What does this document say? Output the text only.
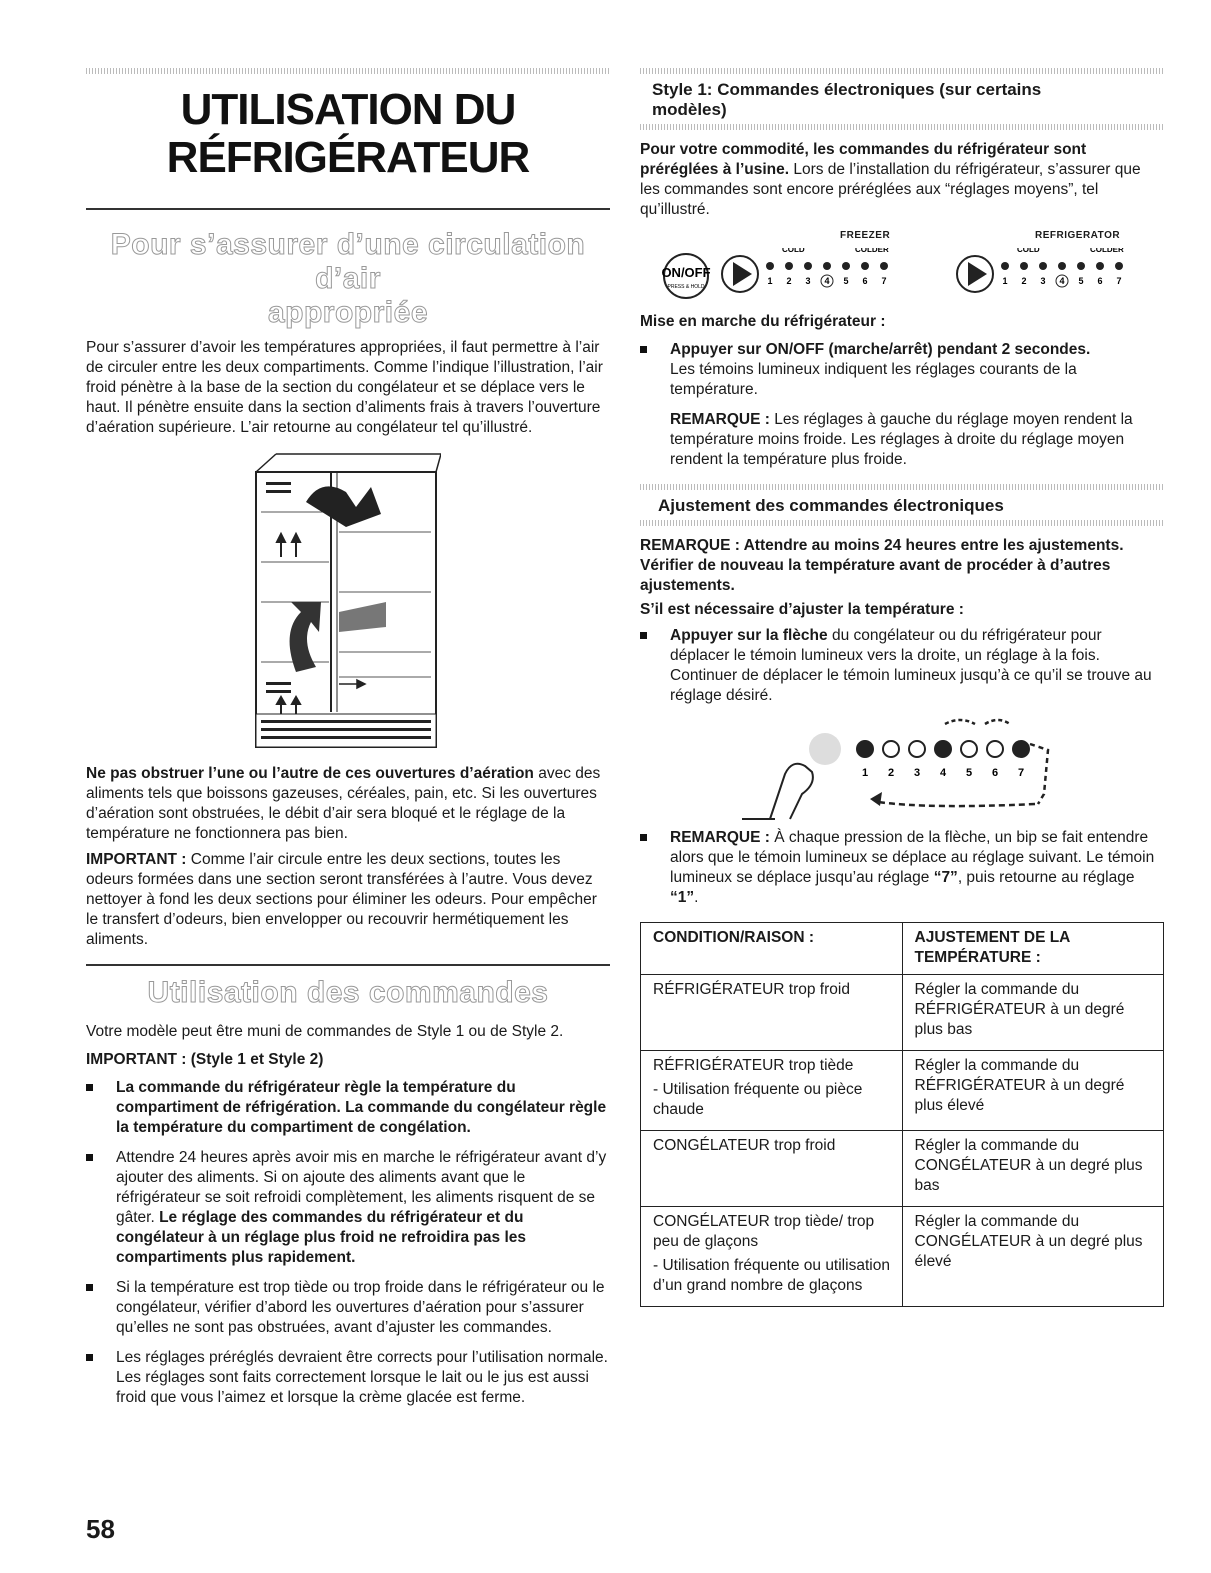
UTILISATION DU
RÉFRIGÉRATEUR
Pour s’assurer d’une circulation d’air
appropriée

Pour s’assurer d’avoir les températures appropriées, il faut permettre à l’air de circuler entre les deux compartiments. Comme l’indique l’illustration, l’air froid pénètre à la base de la section du congélateur et se déplace vers le haut. Il pénètre ensuite dans la section d’aliments frais à travers l’ouverture d’aération supérieure. L’air retourne au congélateur tel qu’illustré.

Ne pas obstruer l’une ou l’autre de ces ouvertures d’aération avec des aliments tels que boissons gazeuses, céréales, pain, etc. Si les ouvertures d’aération sont obstruées, le débit d’air sera bloqué et le réglage de la température ne fonctionnera pas bien.

IMPORTANT : Comme l’air circule entre les deux sections, toutes les odeurs formées dans une section seront transférées à l’autre. Vous devez nettoyer à fond les deux sections pour éliminer les odeurs. Pour empêcher le transfert d’odeurs, bien envelopper ou recouvrir hermétiquement les aliments.

Utilisation des commandes

Votre modèle peut être muni de commandes de Style 1 ou de Style 2.

IMPORTANT : (Style 1 et Style 2)

La commande du réfrigérateur règle la température du compartiment de réfrigération. La commande du congélateur règle la température du compartiment de congélation.
Attendre 24 heures après avoir mis en marche le réfrigérateur avant d’y ajouter des aliments. Si on ajoute des aliments avant que le réfrigérateur se soit refroidi complètement, les aliments risquent de se gâter. Le réglage des commandes du réfrigérateur et du congélateur à un réglage plus froid ne refroidira pas les compartiments plus rapidement.
Si la température est trop tiède ou trop froide dans le réfrigérateur ou le congélateur, vérifier d’abord les ouvertures d’aération pour s’assurer qu’elles ne sont pas obstruées, avant d’ajuster les commandes.
Les réglages préréglés devraient être corrects pour l’utilisation normale. Les réglages sont faits correctement lorsque le lait ou le jus est aussi froid que vous l’aimez et lorsque la crème glacée est ferme.
58
Style 1: Commandes électroniques (sur certains
modèles)

Pour votre commodité, les commandes du réfrigérateur sont préréglées à l’usine. Lors de l’installation du réfrigérateur, s’assurer que les commandes sont encore préréglées aux “réglages moyens”, tel qu’illustré.

FREEZER	REFRIGERATOR
ON/OFF
PRESS & HOLD
COLD	COLDER
1 2 3 4 5 6 7
COLD	COLDER
1 2 3 4 5 6 7

Mise en marche du réfrigérateur :

Appuyer sur ON/OFF (marche/arrêt) pendant 2 secondes.
Les témoins lumineux indiquent les réglages courants de la température.
REMARQUE : Les réglages à gauche du réglage moyen rendent la température moins froide. Les réglages à droite du réglage moyen rendent la température plus froide.
Ajustement des commandes électroniques

REMARQUE : Attendre au moins 24 heures entre les ajustements. Vérifier de nouveau la température avant de procéder à d’autres ajustements.

S’il est nécessaire d’ajuster la température :

Appuyer sur la flèche du congélateur ou du réfrigérateur pour déplacer le témoin lumineux vers la droite, un réglage à la fois. Continuer de déplacer le témoin lumineux jusqu’à ce qu’il se trouve au réglage désiré.
1 2 3 4 5 6 7
REMARQUE : À chaque pression de la flèche, un bip se fait entendre alors que le témoin lumineux se déplace au réglage suivant. Le témoin lumineux se déplace jusqu’au réglage “7”, puis retourne au réglage “1”.
CONDITION/RAISON :	AJUSTEMENT DE LA TEMPÉRATURE :

RÉFRIGÉRATEUR trop froid	Régler la commande du RÉFRIGÉRATEUR à un degré plus bas

RÉFRIGÉRATEUR trop tiède
- Utilisation fréquente ou pièce chaude	Régler la commande du RÉFRIGÉRATEUR à un degré plus élevé

CONGÉLATEUR trop froid	Régler la commande du CONGÉLATEUR à un degré plus bas

CONGÉLATEUR trop tiède/ trop peu de glaçons
- Utilisation fréquente ou utilisation d’un grand nombre de glaçons	Régler la commande du CONGÉLATEUR à un degré plus élevé
